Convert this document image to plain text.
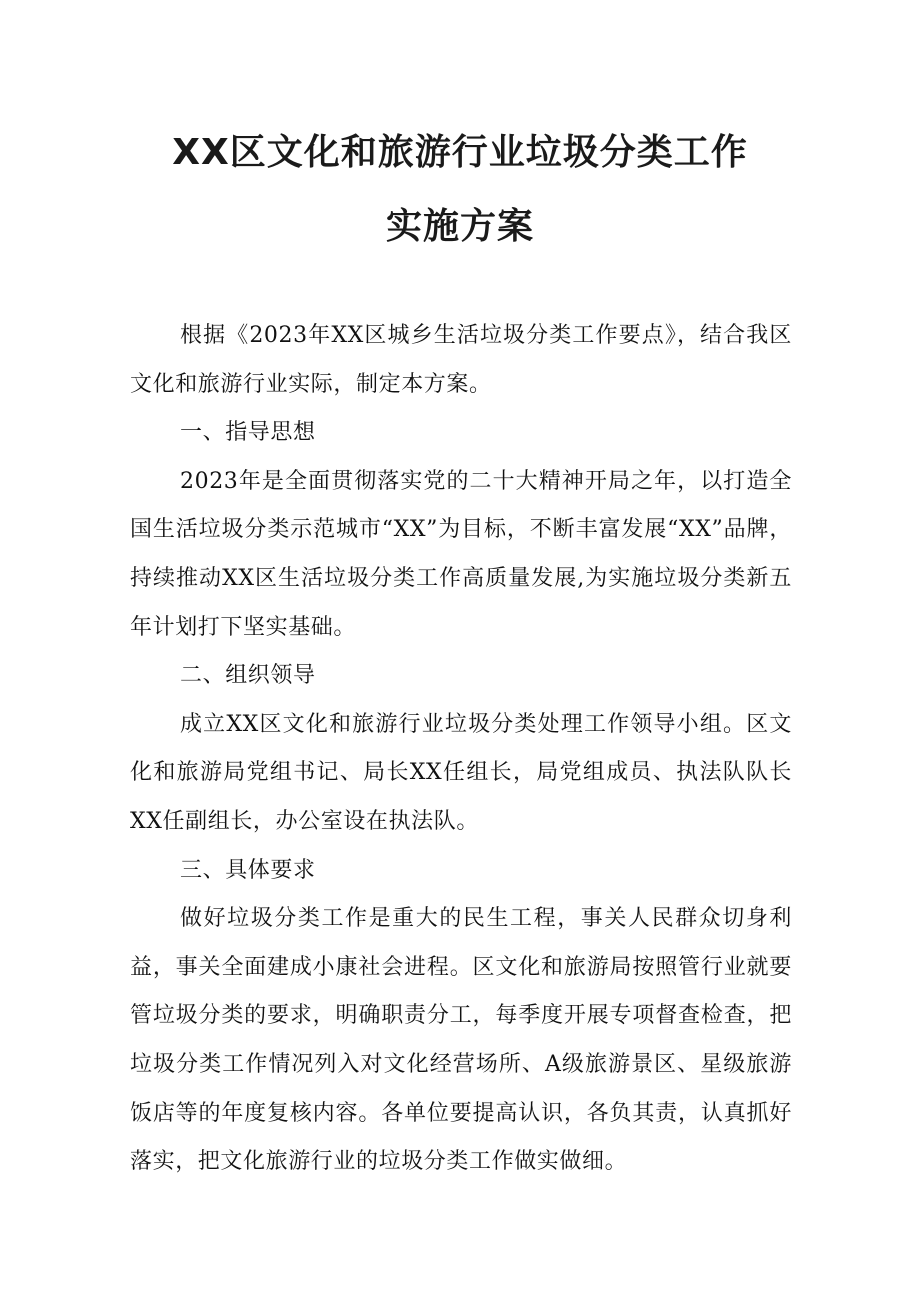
XX区文化和旅游行业垃圾分类工作
实施方案

根据《2023年XX区城乡生活垃圾分类工作要点》，结合我区文化和旅游行业实际，制定本方案。

一、指导思想

2023年是全面贯彻落实党的二十大精神开局之年，以打造全国生活垃圾分类示范城市“XX”为目标，不断丰富发展“XX”品牌，持续推动XX区生活垃圾分类工作高质量发展,为实施垃圾分类新五年计划打下坚实基础。

二、组织领导

成立XX区文化和旅游行业垃圾分类处理工作领导小组。区文化和旅游局党组书记、局长XX任组长，局党组成员、执法队队长XX任副组长，办公室设在执法队。

三、具体要求

做好垃圾分类工作是重大的民生工程，事关人民群众切身利益，事关全面建成小康社会进程。区文化和旅游局按照管行业就要管垃圾分类的要求，明确职责分工，每季度开展专项督查检查，把垃圾分类工作情况列入对文化经营场所、A级旅游景区、星级旅游饭店等的年度复核内容。各单位要提高认识，各负其责，认真抓好落实，把文化旅游行业的垃圾分类工作做实做细。
